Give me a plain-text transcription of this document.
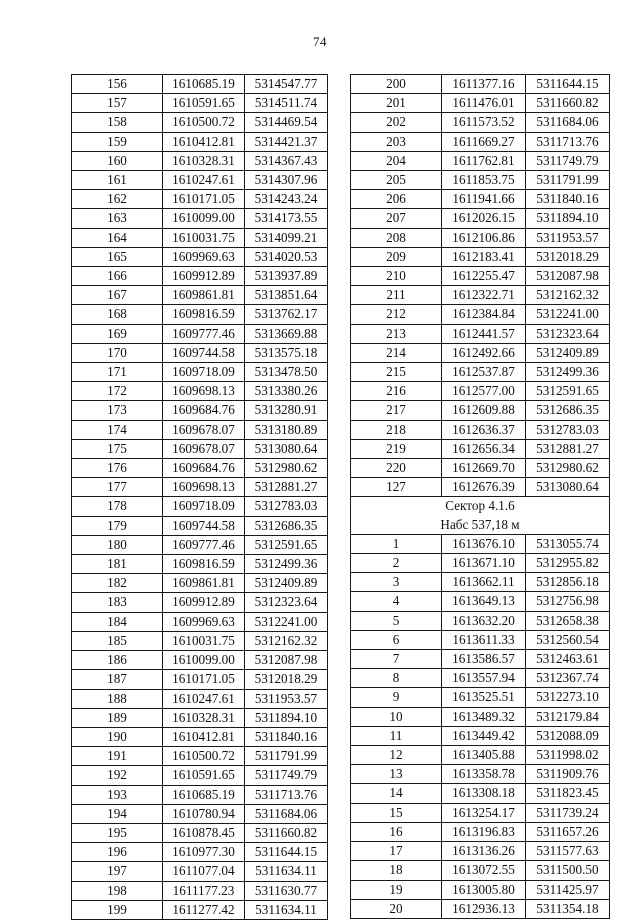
74
156	1610685.19	5314547.77
157	1610591.65	5314511.74
158	1610500.72	5314469.54
159	1610412.81	5314421.37
160	1610328.31	5314367.43
161	1610247.61	5314307.96
162	1610171.05	5314243.24
163	1610099.00	5314173.55
164	1610031.75	5314099.21
165	1609969.63	5314020.53
166	1609912.89	5313937.89
167	1609861.81	5313851.64
168	1609816.59	5313762.17
169	1609777.46	5313669.88
170	1609744.58	5313575.18
171	1609718.09	5313478.50
172	1609698.13	5313380.26
173	1609684.76	5313280.91
174	1609678.07	5313180.89
175	1609678.07	5313080.64
176	1609684.76	5312980.62
177	1609698.13	5312881.27
178	1609718.09	5312783.03
179	1609744.58	5312686.35
180	1609777.46	5312591.65
181	1609816.59	5312499.36
182	1609861.81	5312409.89
183	1609912.89	5312323.64
184	1609969.63	5312241.00
185	1610031.75	5312162.32
186	1610099.00	5312087.98
187	1610171.05	5312018.29
188	1610247.61	5311953.57
189	1610328.31	5311894.10
190	1610412.81	5311840.16
191	1610500.72	5311791.99
192	1610591.65	5311749.79
193	1610685.19	5311713.76
194	1610780.94	5311684.06
195	1610878.45	5311660.82
196	1610977.30	5311644.15
197	1611077.04	5311634.11
198	1611177.23	5311630.77
199	1611277.42	5311634.11
200	1611377.16	5311644.15
201	1611476.01	5311660.82
202	1611573.52	5311684.06
203	1611669.27	5311713.76
204	1611762.81	5311749.79
205	1611853.75	5311791.99
206	1611941.66	5311840.16
207	1612026.15	5311894.10
208	1612106.86	5311953.57
209	1612183.41	5312018.29
210	1612255.47	5312087.98
211	1612322.71	5312162.32
212	1612384.84	5312241.00
213	1612441.57	5312323.64
214	1612492.66	5312409.89
215	1612537.87	5312499.36
216	1612577.00	5312591.65
217	1612609.88	5312686.35
218	1612636.37	5312783.03
219	1612656.34	5312881.27
220	1612669.70	5312980.62
127	1612676.39	5313080.64

Сектор 4.1.6
Набс 537,18 м		

1	1613676.10	5313055.74
2	1613671.10	5312955.82
3	1613662.11	5312856.18
4	1613649.13	5312756.98
5	1613632.20	5312658.38
6	1613611.33	5312560.54
7	1613586.57	5312463.61
8	1613557.94	5312367.74
9	1613525.51	5312273.10
10	1613489.32	5312179.84
11	1613449.42	5312088.09
12	1613405.88	5311998.02
13	1613358.78	5311909.76
14	1613308.18	5311823.45
15	1613254.17	5311739.24
16	1613196.83	5311657.26
17	1613136.26	5311577.63
18	1613072.55	5311500.50
19	1613005.80	5311425.97
20	1612936.13	5311354.18
